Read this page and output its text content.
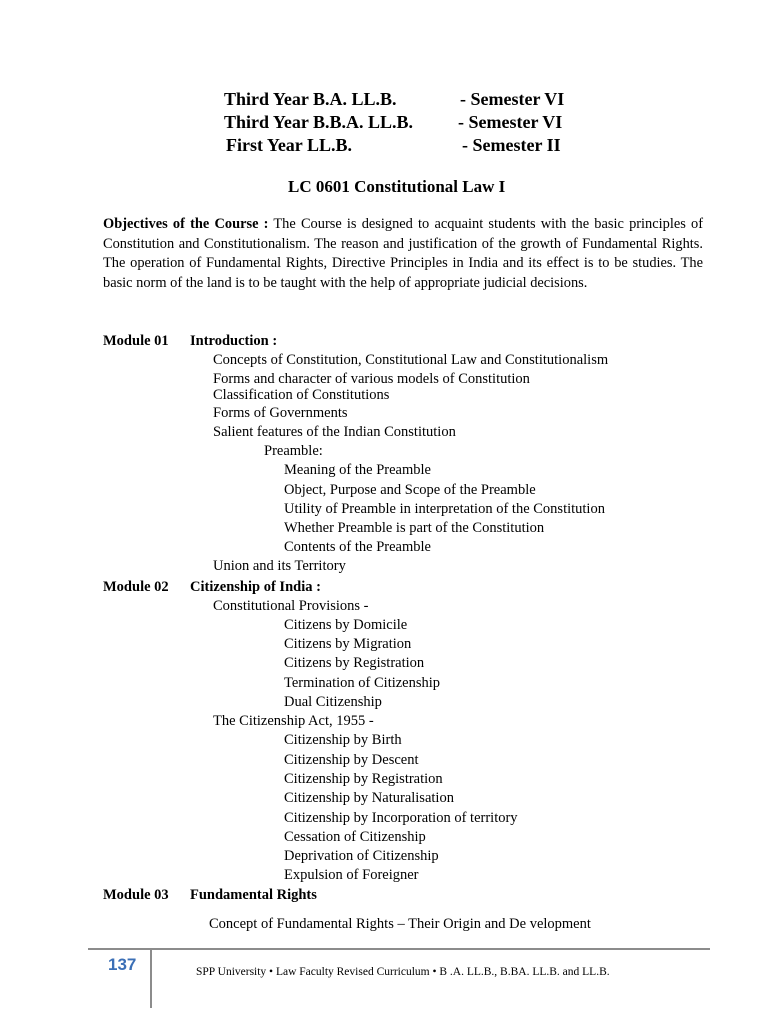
Third Year B.A. LL.B.	- Semester VI
Third Year B.B.A. LL.B. - Semester VI
First Year LL.B.	- Semester II
LC 0601 Constitutional Law I
Objectives of the Course : The Course is designed to acquaint students with the basic principles of Constitution and Constitutionalism. The reason and justification of the growth of Fundamental Rights. The operation of Fundamental Rights, Directive Principles in India and its effect is to be studies. The basic norm of the land is to be taught with the help of appropriate judicial decisions.
Module 01 Introduction :
Concepts of Constitution, Constitutional Law and Constitutionalism
Forms and character of various models of Constitution
Classification of Constitutions
Forms of Governments
Salient features of the Indian Constitution
Preamble:
Meaning of the Preamble
Object, Purpose and Scope of the Preamble
Utility of Preamble in interpretation of the Constitution
Whether Preamble is part of the Constitution
Contents of the Preamble
Union and its Territory
Module 02 Citizenship of India :
Constitutional Provisions -
Citizens by Domicile
Citizens by Migration
Citizens by Registration
Termination of Citizenship
Dual Citizenship
The Citizenship Act, 1955 -
Citizenship by Birth
Citizenship by Descent
Citizenship by Registration
Citizenship by Naturalisation
Citizenship by Incorporation of territory
Cessation of Citizenship
Deprivation of Citizenship
Expulsion of Foreigner
Module 03 Fundamental Rights
Concept of Fundamental Rights – Their Origin and De velopment
137	SPP University • Law Faculty Revised Curriculum • B .A. LL.B., B.BA. LL.B. and LL.B.
